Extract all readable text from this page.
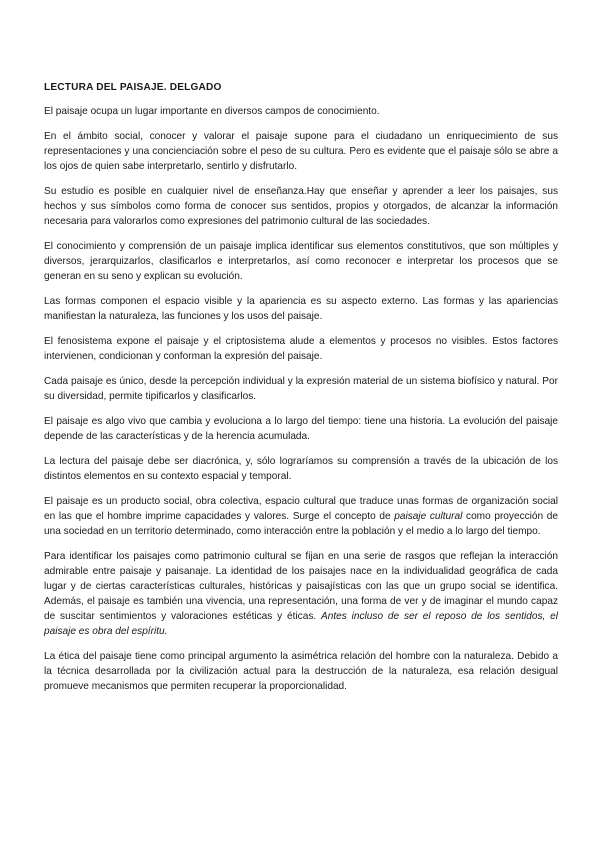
LECTURA DEL PAISAJE. DELGADO

El paisaje ocupa un lugar importante en diversos campos de conocimiento.

En el ámbito social, conocer y valorar el paisaje supone para el ciudadano un enriquecimiento de sus representaciones y una concienciación sobre el peso de su cultura. Pero es evidente que el paisaje sólo se abre a los ojos de quien sabe interpretarlo, sentirlo y disfrutarlo.

Su estudio es posible en cualquier nivel de enseñanza.Hay que enseñar y aprender a leer los paisajes, sus hechos y sus símbolos como forma de conocer sus sentidos, propios y otorgados, de alcanzar la información necesaria para valorarlos como expresiones del patrimonio cultural de las sociedades.

El conocimiento y comprensión de un paisaje implica identificar sus elementos constitutivos, que son múltiples y diversos, jerarquizarlos, clasificarlos e interpretarlos, así como reconocer e interpretar los procesos que se generan en su seno y explican su evolución.

Las formas componen el espacio visible y la apariencia es su aspecto externo. Las formas y las apariencias manifiestan la naturaleza, las funciones y los usos del paisaje.

El fenosistema expone el paisaje y el criptosistema alude a elementos y procesos no visibles. Estos factores intervienen, condicionan y conforman la expresión del paisaje.

Cada paisaje es único, desde la percepción individual y la expresión material de un sistema biofísico y natural. Por su diversidad, permite tipificarlos y clasificarlos.

El paisaje es algo vivo que cambia y evoluciona a lo largo del tiempo: tiene una historia. La evolución del paisaje depende de las características y de la herencia acumulada.

La lectura del paisaje debe ser diacrónica, y, sólo lograríamos su comprensión a través de la ubicación de los distintos elementos en su contexto espacial y temporal.

El paisaje es un producto social, obra colectiva, espacio cultural que traduce unas formas de organización social en las que el hombre imprime capacidades y valores. Surge el concepto de paisaje cultural como proyección de una sociedad en un territorio determinado, como interacción entre la población y el medio a lo largo del tiempo.

Para identificar los paisajes como patrimonio cultural se fijan en una serie de rasgos que reflejan la interacción admirable entre paisaje y paisanaje. La identidad de los paisajes nace en la individualidad geográfica de cada lugar y de ciertas características culturales, históricas y paisajísticas con las que un grupo social se identifica. Además, el paisaje es también una vivencia, una representación, una forma de ver y de imaginar el mundo capaz de suscitar sentimientos y valoraciones estéticas y éticas. Antes incluso de ser el reposo de los sentidos, el paisaje es obra del espíritu.

La ética del paisaje tiene como principal argumento la asimétrica relación del hombre con la naturaleza. Debido a la técnica desarrollada por la civilización actual para la destrucción de la naturaleza, esa relación desigual promueve mecanismos que permiten recuperar la proporcionalidad.
